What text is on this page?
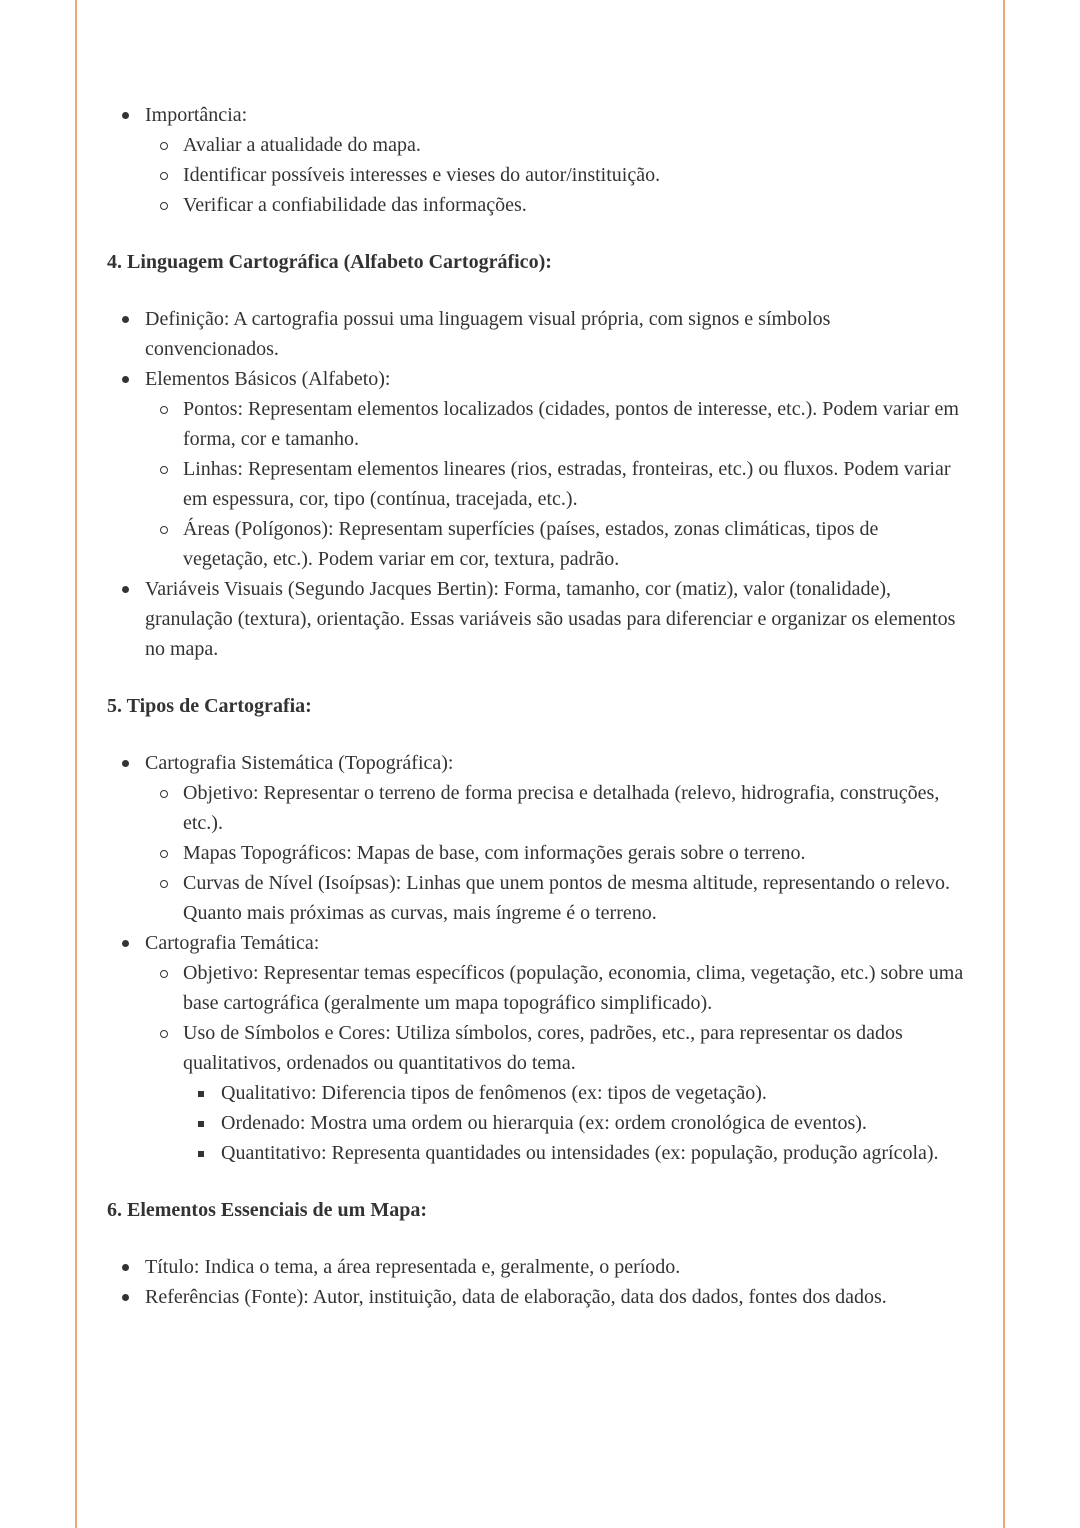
Importância:
Avaliar a atualidade do mapa.
Identificar possíveis interesses e vieses do autor/instituição.
Verificar a confiabilidade das informações.
4. Linguagem Cartográfica (Alfabeto Cartográfico):
Definição: A cartografia possui uma linguagem visual própria, com signos e símbolos convencionados.
Elementos Básicos (Alfabeto):
Pontos: Representam elementos localizados (cidades, pontos de interesse, etc.). Podem variar em forma, cor e tamanho.
Linhas: Representam elementos lineares (rios, estradas, fronteiras, etc.) ou fluxos. Podem variar em espessura, cor, tipo (contínua, tracejada, etc.).
Áreas (Polígonos): Representam superfícies (países, estados, zonas climáticas, tipos de vegetação, etc.). Podem variar em cor, textura, padrão.
Variáveis Visuais (Segundo Jacques Bertin): Forma, tamanho, cor (matiz), valor (tonalidade), granulação (textura), orientação. Essas variáveis são usadas para diferenciar e organizar os elementos no mapa.
5. Tipos de Cartografia:
Cartografia Sistemática (Topográfica):
Objetivo: Representar o terreno de forma precisa e detalhada (relevo, hidrografia, construções, etc.).
Mapas Topográficos: Mapas de base, com informações gerais sobre o terreno.
Curvas de Nível (Isoípsas): Linhas que unem pontos de mesma altitude, representando o relevo. Quanto mais próximas as curvas, mais íngreme é o terreno.
Cartografia Temática:
Objetivo: Representar temas específicos (população, economia, clima, vegetação, etc.) sobre uma base cartográfica (geralmente um mapa topográfico simplificado).
Uso de Símbolos e Cores: Utiliza símbolos, cores, padrões, etc., para representar os dados qualitativos, ordenados ou quantitativos do tema.
Qualitativo: Diferencia tipos de fenômenos (ex: tipos de vegetação).
Ordenado: Mostra uma ordem ou hierarquia (ex: ordem cronológica de eventos).
Quantitativo: Representa quantidades ou intensidades (ex: população, produção agrícola).
6. Elementos Essenciais de um Mapa:
Título: Indica o tema, a área representada e, geralmente, o período.
Referências (Fonte): Autor, instituição, data de elaboração, data dos dados, fontes dos dados.
